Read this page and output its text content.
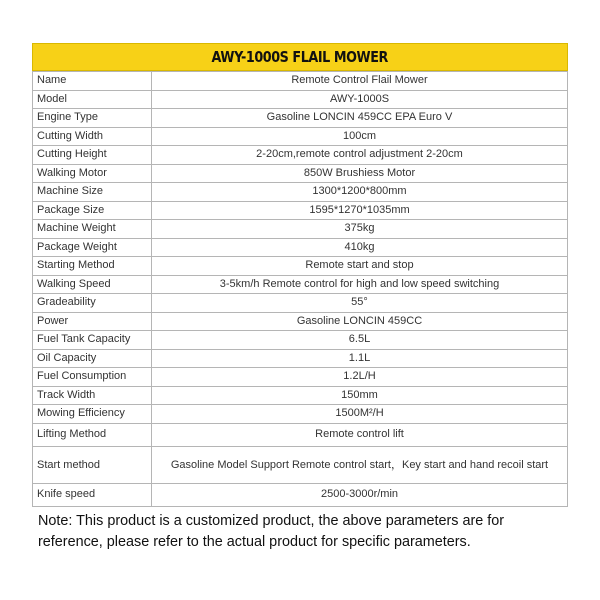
AWY-1000S FLAIL MOWER
Name	Remote Control Flail Mower
Model	AWY-1000S
Engine Type	Gasoline LONCIN 459CC EPA Euro V
Cutting Width	100cm
Cutting Height	2-20cm,remote control adjustment 2-20cm
Walking Motor	850W Brushiess Motor
Machine Size	1300*1200*800mm
Package Size	1595*1270*1035mm
Machine Weight	375kg
Package Weight	410kg
Starting Method	Remote start and stop
Walking Speed	3-5km/h Remote control for high and low speed switching
Gradeability	55°
Power	Gasoline LONCIN 459CC
Fuel Tank Capacity	6.5L
Oil Capacity	1.1L
Fuel Consumption	1.2L/H
Track Width	150mm
Mowing Efficiency	1500M²/H
Lifting Method	Remote control lift
Start method	Gasoline Model Support Remote control start，Key start and hand recoil start
Knife speed	2500-3000r/min
Note: This product is a customized product, the above parameters are for reference, please refer to the actual product for specific parameters.
